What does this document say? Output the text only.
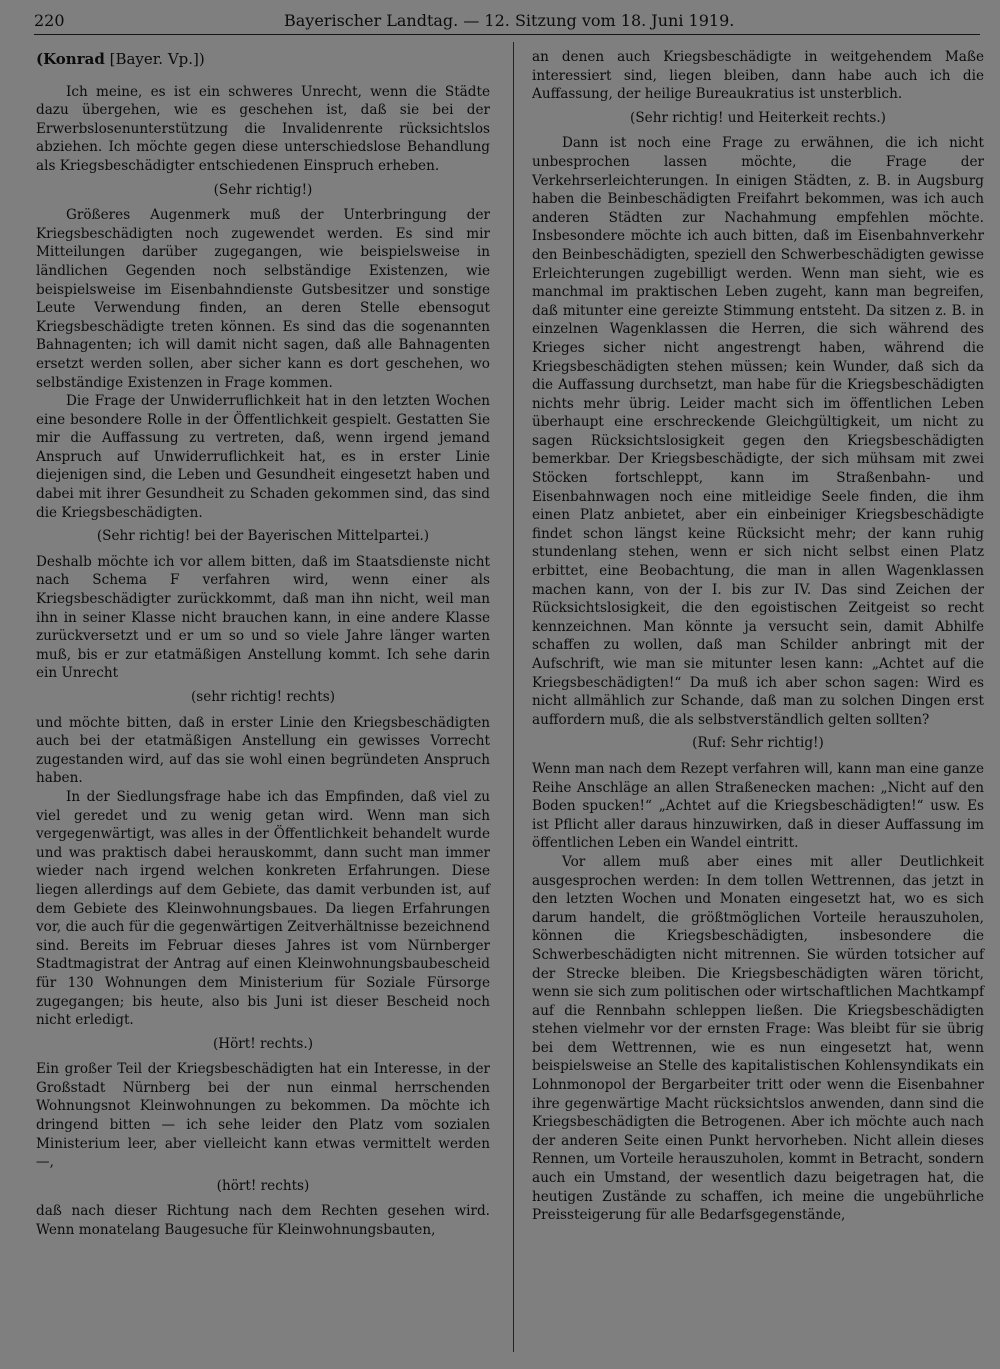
220	Bayerischer Landtag. — 12. Sitzung vom 18. Juni 1919.

(Konrad [Bayer. Vp.])

Ich meine, es ist ein schweres Unrecht, wenn die Städte dazu übergehen, wie es geschehen ist, daß sie bei der Erwerbslosenunterstützung die Invalidenrente rücksichtslos abziehen. Ich möchte gegen diese unterschiedslose Behandlung als Kriegsbeschädigter entschiedenen Einspruch erheben.

(Sehr richtig!)

Größeres Augenmerk muß der Unterbringung der Kriegsbeschädigten noch zugewendet werden. Es sind mir Mitteilungen darüber zugegangen, wie beispielsweise in ländlichen Gegenden noch selbständige Existenzen, wie beispielsweise im Eisenbahndienste Gutsbesitzer und sonstige Leute Verwendung finden, an deren Stelle ebensogut Kriegsbeschädigte treten können. Es sind das die sogenannten Bahnagenten; ich will damit nicht sagen, daß alle Bahnagenten ersetzt werden sollen, aber sicher kann es dort geschehen, wo selbständige Existenzen in Frage kommen.

Die Frage der Unwiderruflichkeit hat in den letzten Wochen eine besondere Rolle in der Öffentlichkeit gespielt. Gestatten Sie mir die Auffassung zu vertreten, daß, wenn irgend jemand Anspruch auf Unwiderruflichkeit hat, es in erster Linie diejenigen sind, die Leben und Gesundheit eingesetzt haben und dabei mit ihrer Gesundheit zu Schaden gekommen sind, das sind die Kriegsbeschädigten.

(Sehr richtig! bei der Bayerischen Mittelpartei.)

Deshalb möchte ich vor allem bitten, daß im Staatsdienste nicht nach Schema F verfahren wird, wenn einer als Kriegsbeschädigter zurückkommt, daß man ihn nicht, weil man ihn in seiner Klasse nicht brauchen kann, in eine andere Klasse zurückversetzt und er um so und so viele Jahre länger warten muß, bis er zur etatmäßigen Anstellung kommt. Ich sehe darin ein Unrecht

(sehr richtig! rechts)

und möchte bitten, daß in erster Linie den Kriegsbeschädigten auch bei der etatmäßigen Anstellung ein gewisses Vorrecht zugestanden wird, auf das sie wohl einen begründeten Anspruch haben.

In der Siedlungsfrage habe ich das Empfinden, daß viel zu viel geredet und zu wenig getan wird. Wenn man sich vergegenwärtigt, was alles in der Öffentlichkeit behandelt wurde und was praktisch dabei herauskommt, dann sucht man immer wieder nach irgend welchen konkreten Erfahrungen. Diese liegen allerdings auf dem Gebiete, das damit verbunden ist, auf dem Gebiete des Kleinwohnungsbaues. Da liegen Erfahrungen vor, die auch für die gegenwärtigen Zeitverhältnisse bezeichnend sind. Bereits im Februar dieses Jahres ist vom Nürnberger Stadtmagistrat der Antrag auf einen Kleinwohnungsbaubescheid für 130 Wohnungen dem Ministerium für Soziale Fürsorge zugegangen; bis heute, also bis Juni ist dieser Bescheid noch nicht erledigt.

(Hört! rechts.)

Ein großer Teil der Kriegsbeschädigten hat ein Interesse, in der Großstadt Nürnberg bei der nun einmal herrschenden Wohnungsnot Kleinwohnungen zu bekommen. Da möchte ich dringend bitten — ich sehe leider den Platz vom sozialen Ministerium leer, aber vielleicht kann etwas vermittelt werden —,

(hört! rechts)

daß nach dieser Richtung nach dem Rechten gesehen wird. Wenn monatelang Baugesuche für Kleinwohnungsbauten,

an denen auch Kriegsbeschädigte in weitgehendem Maße interessiert sind, liegen bleiben, dann habe auch ich die Auffassung, der heilige Bureaukratius ist unsterblich.

(Sehr richtig! und Heiterkeit rechts.)

Dann ist noch eine Frage zu erwähnen, die ich nicht unbesprochen lassen möchte, die Frage der Verkehrserleichterungen. In einigen Städten, z. B. in Augsburg haben die Beinbeschädigten Freifahrt bekommen, was ich auch anderen Städten zur Nachahmung empfehlen möchte. Insbesondere möchte ich auch bitten, daß im Eisenbahnverkehr den Beinbeschädigten, speziell den Schwerbeschädigten gewisse Erleichterungen zugebilligt werden. Wenn man sieht, wie es manchmal im praktischen Leben zugeht, kann man begreifen, daß mitunter eine gereizte Stimmung entsteht. Da sitzen z. B. in einzelnen Wagenklassen die Herren, die sich während des Krieges sicher nicht angestrengt haben, während die Kriegsbeschädigten stehen müssen; kein Wunder, daß sich da die Auffassung durchsetzt, man habe für die Kriegsbeschädigten nichts mehr übrig. Leider macht sich im öffentlichen Leben überhaupt eine erschreckende Gleichgültigkeit, um nicht zu sagen Rücksichtslosigkeit gegen den Kriegsbeschädigten bemerkbar. Der Kriegsbeschädigte, der sich mühsam mit zwei Stöcken fortschleppt, kann im Straßenbahn- und Eisenbahnwagen noch eine mitleidige Seele finden, die ihm einen Platz anbietet, aber ein einbeiniger Kriegsbeschädigte findet schon längst keine Rücksicht mehr; der kann ruhig stundenlang stehen, wenn er sich nicht selbst einen Platz erbittet, eine Beobachtung, die man in allen Wagenklassen machen kann, von der I. bis zur IV. Das sind Zeichen der Rücksichtslosigkeit, die den egoistischen Zeitgeist so recht kennzeichnen. Man könnte ja versucht sein, damit Abhilfe schaffen zu wollen, daß man Schilder anbringt mit der Aufschrift, wie man sie mitunter lesen kann: „Achtet auf die Kriegsbeschädigten!“ Da muß ich aber schon sagen: Wird es nicht allmählich zur Schande, daß man zu solchen Dingen erst auffordern muß, die als selbstverständlich gelten sollten?

(Ruf: Sehr richtig!)

Wenn man nach dem Rezept verfahren will, kann man eine ganze Reihe Anschläge an allen Straßenecken machen: „Nicht auf den Boden spucken!“ „Achtet auf die Kriegsbeschädigten!“ usw. Es ist Pflicht aller daraus hinzuwirken, daß in dieser Auffassung im öffentlichen Leben ein Wandel eintritt.

Vor allem muß aber eines mit aller Deutlichkeit ausgesprochen werden: In dem tollen Wettrennen, das jetzt in den letzten Wochen und Monaten eingesetzt hat, wo es sich darum handelt, die größtmöglichen Vorteile herauszuholen, können die Kriegsbeschädigten, insbesondere die Schwerbeschädigten nicht mitrennen. Sie würden totsicher auf der Strecke bleiben. Die Kriegsbeschädigten wären töricht, wenn sie sich zum politischen oder wirtschaftlichen Machtkampf auf die Rennbahn schleppen ließen. Die Kriegsbeschädigten stehen vielmehr vor der ernsten Frage: Was bleibt für sie übrig bei dem Wettrennen, wie es nun eingesetzt hat, wenn beispielsweise an Stelle des kapitalistischen Kohlensyndikats ein Lohnmonopol der Bergarbeiter tritt oder wenn die Eisenbahner ihre gegenwärtige Macht rücksichtslos anwenden, dann sind die Kriegsbeschädigten die Betrogenen. Aber ich möchte auch nach der anderen Seite einen Punkt hervorheben. Nicht allein dieses Rennen, um Vorteile herauszuholen, kommt in Betracht, sondern auch ein Umstand, der wesentlich dazu beigetragen hat, die heutigen Zustände zu schaffen, ich meine die ungebührliche Preissteigerung für alle Bedarfsgegenstände,
